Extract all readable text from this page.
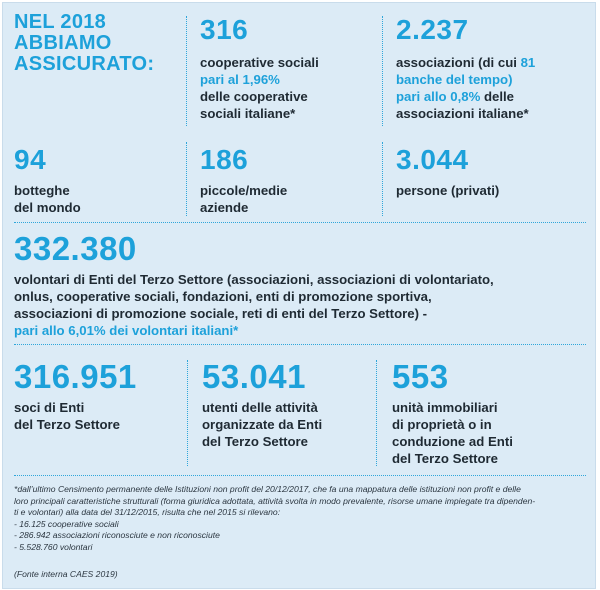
NEL 2018
ABBIAMO
ASSICURATO:
316
cooperative sociali
pari al 1,96%
delle cooperative
sociali italiane*
2.237
associazioni (di cui 81
banche del tempo)
pari allo 0,8% delle
associazioni italiane*
94
botteghe
del mondo
186
piccole/medie
aziende
3.044
persone (privati)
332.380
volontari di Enti del Terzo Settore (associazioni, associazioni di volontariato,
onlus, cooperative sociali, fondazioni, enti di promozione sportiva,
associazioni di promozione sociale, reti di enti del Terzo Settore) -
pari allo 6,01% dei volontari italiani*
316.951
soci di Enti
del Terzo Settore
53.041
utenti delle attività
organizzate da Enti
del Terzo Settore
553
unità immobiliari
di proprietà o in
conduzione ad Enti
del Terzo Settore
*dall’ultimo Censimento permanente delle Istituzioni non profit del 20/12/2017, che fa una mappatura delle istituzioni non profit e delle
loro principali caratteristiche strutturali (forma giuridica adottata, attività svolta in modo prevalente, risorse umane impiegate tra dipenden-
ti e volontari) alla data del 31/12/2015, risulta che nel 2015 si rilevano:
- 16.125 cooperative sociali
- 286.942 associazioni riconosciute e non riconosciute
- 5.528.760 volontari
(Fonte interna CAES 2019)
